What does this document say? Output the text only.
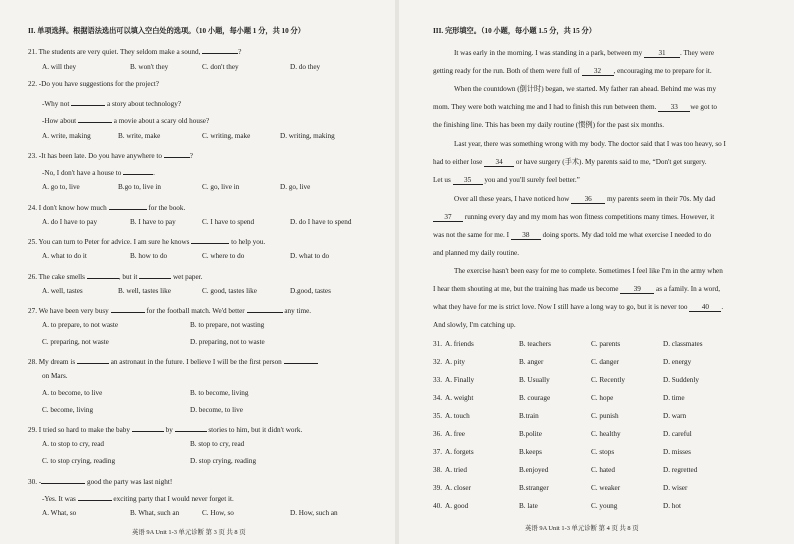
II. 单项选择。根据语法选出可以填入空白处的选项。（10 小题，每小题 1 分，共 10 分）
21. The students are very quiet. They seldom make a sound,	?
A. will they	B. won't they	C. don't they	D. do they
22. -Do you have suggestions for the project?
-Why not	a story about technology?
-How about	a movie about a scary old house?
A. write, making	B. write, make	C. writing, make	D. writing, making
23. -It has been late. Do you have anywhere to	?
-No, I don't have a house to	.
A. go to, live	B.go to, live in	C. go, live in	D. go, live
24. I don't know how much	for the book.
A. do I have to pay	B. I have to pay	C. I have to spend	D. do I have to spend
25. You can turn to Peter for advice. I am sure he knows	to help you.
A. what to do it	B. how to do	C. where to do	D. what to do
26. The cake smells	, but it	wet paper.
A. well, tastes	B. well, tastes like	C. good, tastes like	D.good, tastes
27. We have been very busy	for the football match. We'd better	any time.
A. to prepare, to not waste	B. to prepare, not wasting
C. preparing, not waste	D. preparing, not to waste
28. My dream is	an astronaut in the future. I believe I will be the first person
on Mars.
A. to become, to live	B. to become, living
C. become, living	D. become, to live
29. I tried so hard to make the baby	by	stories to him, but it didn't work.
A. to stop to cry, read	B. stop to cry, read
C. to stop crying, reading	D. stop crying, reading
30. -	good the party was last night!
-Yes. It was	exciting party that I would never forget it.
A. What, so	B. What, such an	C. How, so	D. How, such an
英语 9A Unit 1-3 单元诊断 第 3 页 共 8 页
III. 完形填空。（10 小题，每小题 1.5 分，共 15 分）
It was early in the morning. I was standing in a park, between my 31 . They were
getting ready for the run. Both of them were full of 32 , encouraging me to prepare for it.
When the countdown (倒计时) began, we started. My father ran ahead. Behind me was my
mom. They were both watching me and I had to finish this run between them. 33 we got to
the finishing line. This has been my daily routine (惯例) for the past six months.
Last year, there was something wrong with my body. The doctor said that I was too heavy, so I
had to either lose 34 or have surgery (手术). My parents said to me, “Don't get surgery.
Let us 35 you and you'll surely feel better.”
Over all these years, I have noticed how 36 my parents seem in their 70s. My dad
37 running every day and my mom has won fitness competitions many times. However, it
was not the same for me. I 38 doing sports. My dad told me what exercise I needed to do
and planned my daily routine.
The exercise hasn't been easy for me to complete. Sometimes I feel like I'm in the army when
I hear them shouting at me, but the training has made us become 39 as a family. In a word,
what they have for me is strict love. Now I still have a long way to go, but it is never too 40 .
And slowly, I'm catching up.
31. A. friends	B. teachers	C. parents	D. classmates
32. A. pity	B. anger	C. danger	D. energy
33. A. Finally	B. Usually	C. Recently	D. Suddenly
34. A. weight	B. courage	C. hope	D. time
35. A. touch	B.train	C. punish	D. warn
36. A. free	B.polite	C. healthy	D. careful
37. A. forgets	B.keeps	C. stops	D. misses
38. A. tried	B.enjoyed	C. hated	D. regretted
39. A. closer	B.stranger	C. weaker	D. wiser
40. A. good	B. late	C. young	D. hot
英语 9A Unit 1-3 单元诊断 第 4 页 共 8 页
